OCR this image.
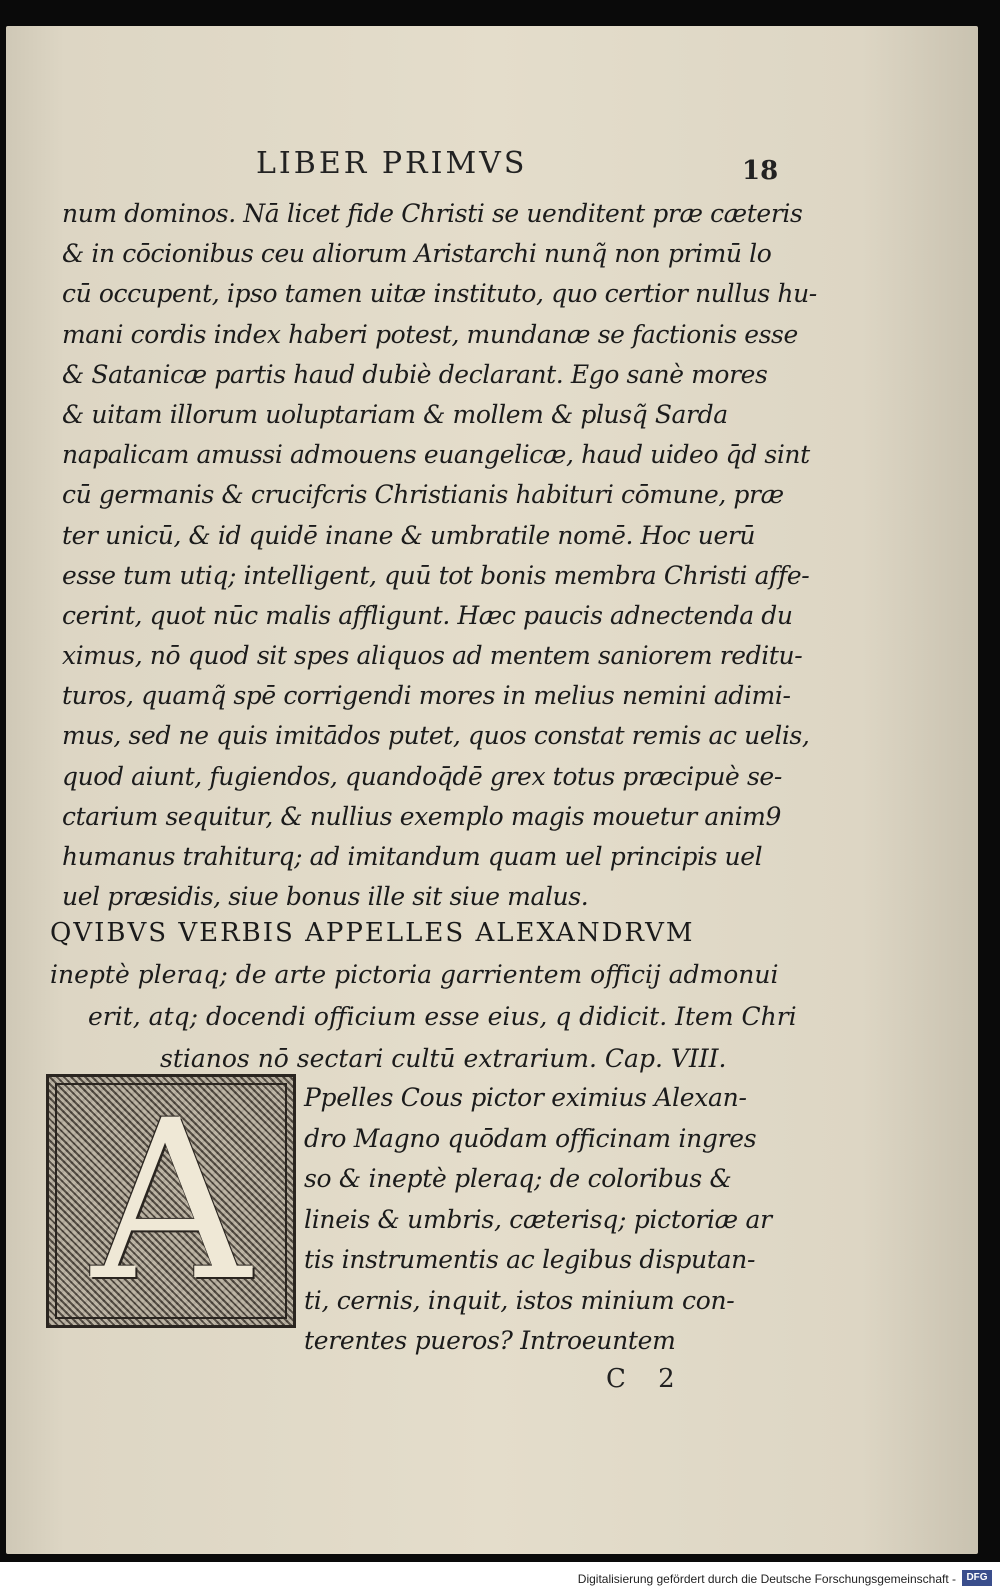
LIBER PRIMVS	18
num dominos. Nā licet fide Christi se uenditent præ cæteris
& in cōcionibus ceu aliorum Aristarchi nunq̃ non primū lo
cū occupent, ipso tamen uitæ instituto, quo certior nullus hu-
mani cordis index haberi potest, mundanæ se factionis esse
& Satanicæ partis haud dubiè declarant. Ego sanè mores
& uitam illorum uoluptariam & mollem & plusq̃ Sarda
napalicam amussi admouens euangelicæ, haud uideo q̄d sint
cū germanis & crucifcris Christianis habituri cōmune, præ
ter unicū, & id quidē inane & umbratile nomē. Hoc uerū
esse tum utiq; intelligent, quū tot bonis membra Christi affe-
cerint, quot nūc malis affligunt. Hæc paucis adnectenda du
ximus, nō quod sit spes aliquos ad mentem saniorem reditu-
turos, quamq̃ spē corrigendi mores in melius nemini adimi-
mus, sed ne quis imitādos putet, quos constat remis ac uelis,
quod aiunt, fugiendos, quandoq̄dē grex totus præcipuè se-
ctarium sequitur, & nullius exemplo magis mouetur anim9
humanus trahiturq; ad imitandum quam uel principis uel
uel præsidis, siue bonus ille sit siue malus.
QVIBVS VERBIS APPELLES ALEXANDRVM
ineptè pleraq; de arte pictoria garrientem officij admonui
erit, atq; docendi officium esse eius, q didicit. Item Chri
stianos nō sectari cultū extrarium. Cap. VIII.
A	Ppelles Cous pictor eximius Alexan-
dro Magno quōdam officinam ingres
so & ineptè pleraq; de coloribus &
lineis & umbris, cæterisq; pictoriæ ar
tis instrumentis ac legibus disputan-
ti, cernis, inquit, istos minium con-
terentes pueros? Introeuntem
C 2
Digitalisierung gefördert durch die Deutsche Forschungsgemeinschaft -	DFG
